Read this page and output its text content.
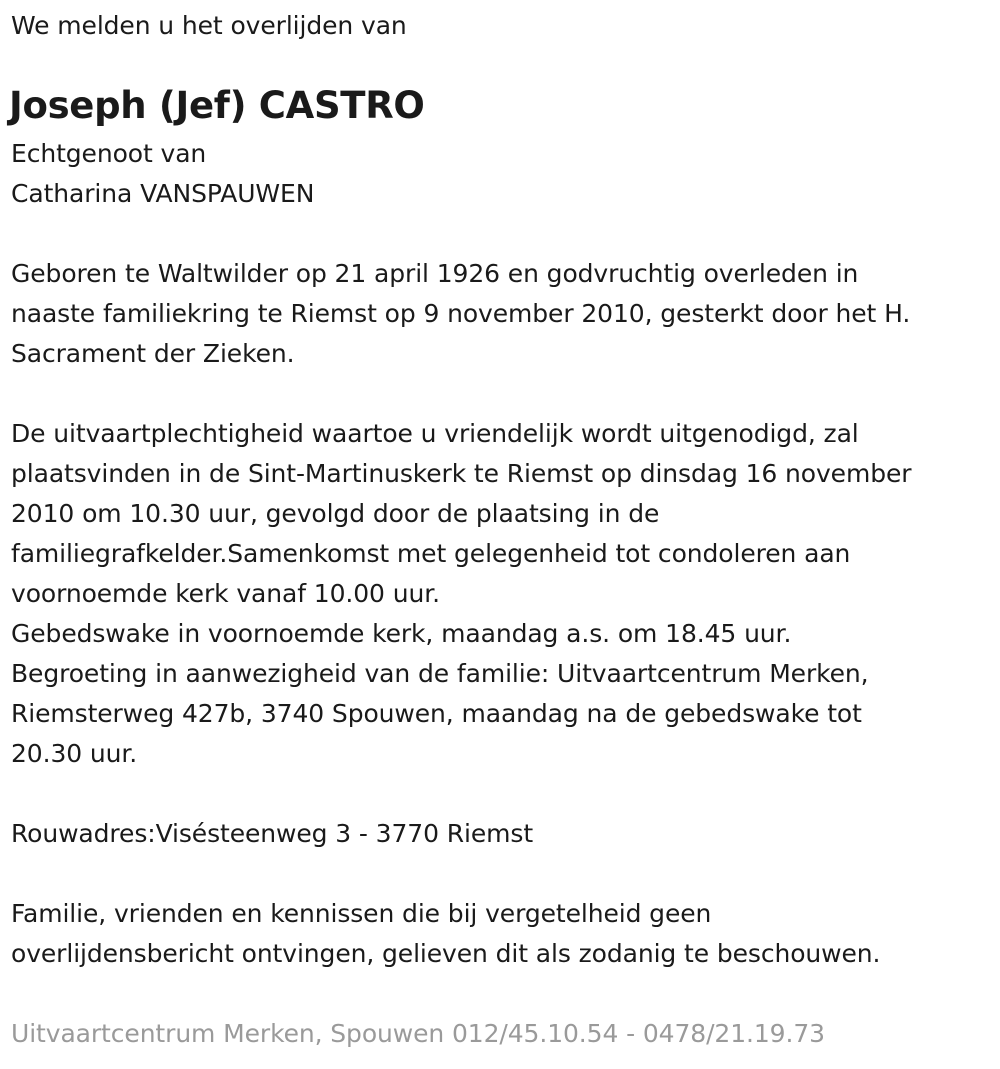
We melden u het overlijden van
Joseph (Jef) CASTRO
Echtgenoot van
Catharina VANSPAUWEN
Geboren te Waltwilder op 21 april 1926 en godvruchtig overleden in
naaste familiekring te Riemst op 9 november 2010, gesterkt door het H.
Sacrament der Zieken.
De uitvaartplechtigheid waartoe u vriendelijk wordt uitgenodigd, zal
plaatsvinden in de Sint-Martinuskerk te Riemst op dinsdag 16 november
2010 om 10.30 uur, gevolgd door de plaatsing in de
familiegrafkelder.Samenkomst met gelegenheid tot condoleren aan
voornoemde kerk vanaf 10.00 uur.
Gebedswake in voornoemde kerk, maandag a.s. om 18.45 uur.
Begroeting in aanwezigheid van de familie: Uitvaartcentrum Merken,
Riemsterweg 427b, 3740 Spouwen, maandag na de gebedswake tot
20.30 uur.
Rouwadres:Visésteenweg 3 - 3770 Riemst
Familie, vrienden en kennissen die bij vergetelheid geen
overlijdensbericht ontvingen, gelieven dit als zodanig te beschouwen.
Uitvaartcentrum Merken, Spouwen 012/45.10.54 - 0478/21.19.73
